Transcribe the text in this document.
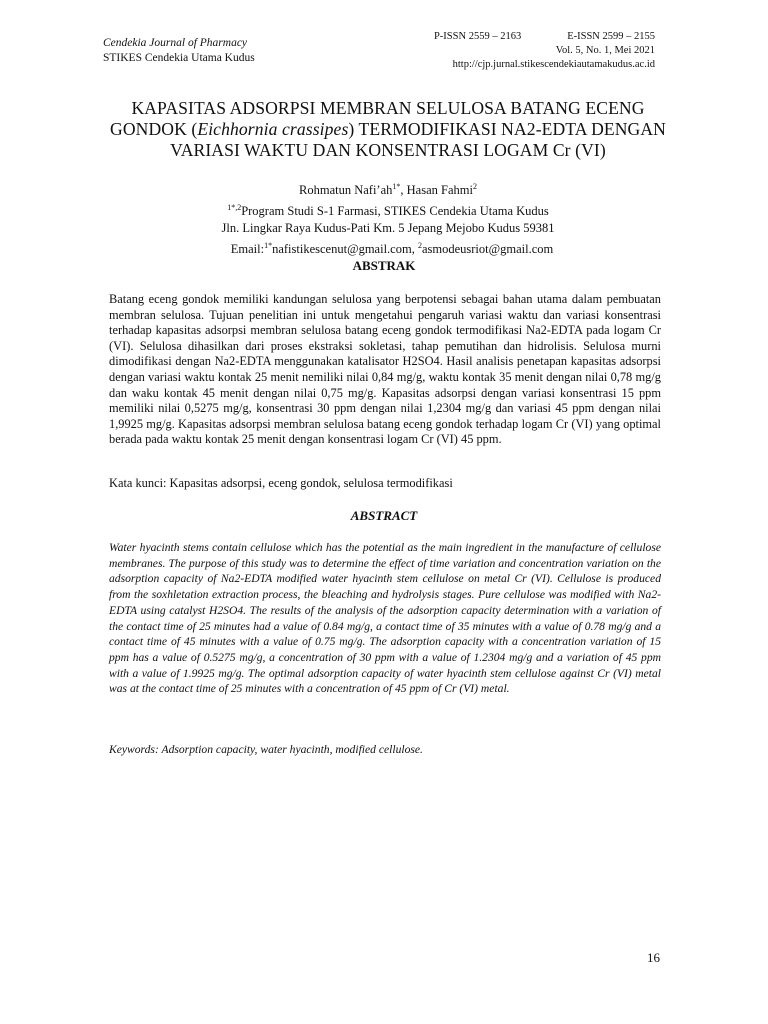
Cendekia Journal of Pharmacy
STIKES Cendekia Utama Kudus
P-ISSN 2559 – 2163	E-ISSN 2599 – 2155
Vol. 5, No. 1, Mei 2021
http://cjp.jurnal.stikescendekiautamakudus.ac.id
KAPASITAS ADSORPSI MEMBRAN SELULOSA BATANG ECENG GONDOK (Eichhornia crassipes) TERMODIFIKASI NA2-EDTA DENGAN VARIASI WAKTU DAN KONSENTRASI LOGAM Cr (VI)
Rohmatun $Nafi’ah^{1*}$, Hasan Fahmi$^2$
$^{1*,2}$Program Studi S-1 Farmasi, STIKES Cendekia Utama Kudus
Jln. Lingkar Raya Kudus-Pati Km. 5 Jepang Mejobo Kudus 59381
Email:$^{1*}$nafistikescenut@gmail.com, $^2$asmodeusriot@gmail.com
ABSTRAK
Batang eceng gondok memiliki kandungan selulosa yang berpotensi sebagai bahan utama dalam pembuatan membran selulosa. Tujuan penelitian ini untuk mengetahui pengaruh variasi waktu dan variasi konsentrasi terhadap kapasitas adsorpsi membran selulosa batang eceng gondok termodifikasi Na2-EDTA pada logam Cr (VI). Selulosa dihasilkan dari proses ekstraksi sokletasi, tahap pemutihan dan hidrolisis. Selulosa murni dimodifikasi dengan Na2-EDTA menggunakan katalisator H2SO4. Hasil analisis penetapan kapasitas adsorpsi dengan variasi waktu kontak 25 menit nemiliki nilai 0,84 mg/g, waktu kontak 35 menit dengan nilai 0,78 mg/g dan waku kontak 45 menit dengan nilai 0,75 mg/g. Kapasitas adsorpsi dengan variasi konsentrasi 15 ppm memiliki nilai 0,5275 mg/g, konsentrasi 30 ppm dengan nilai 1,2304 mg/g dan variasi 45 ppm dengan nilai 1,9925 mg/g. Kapasitas adsorpsi membran selulosa batang eceng gondok terhadap logam Cr (VI) yang optimal berada pada waktu kontak 25 menit dengan konsentrasi logam Cr (VI) 45 ppm.
Kata kunci: Kapasitas adsorpsi, eceng gondok, selulosa termodifikasi
ABSTRACT
Water hyacinth stems contain cellulose which has the potential as the main ingredient in the manufacture of cellulose membranes. The purpose of this study was to determine the effect of time variation and concentration variation on the adsorption capacity of Na2-EDTA modified water hyacinth stem cellulose on metal Cr (VI). Cellulose is produced from the soxhletation extraction process, the bleaching and hydrolysis stages. Pure cellulose was modified with Na2-EDTA using catalyst H2SO4. The results of the analysis of the adsorption capacity determination with a variation of the contact time of 25 minutes had a value of 0.84 mg/g, a contact time of 35 minutes with a value of 0.78 mg/g and a contact time of 45 minutes with a value of 0.75 mg/g. The adsorption capacity with a concentration variation of 15 ppm has a value of 0.5275 mg/g, a concentration of 30 ppm with a value of 1.2304 mg/g and a variation of 45 ppm with a value of 1.9925 mg/g. The optimal adsorption capacity of water hyacinth stem cellulose against Cr (VI) metal was at the contact time of 25 minutes with a concentration of 45 ppm of Cr (VI) metal.
Keywords: Adsorption capacity, water hyacinth, modified cellulose.
16
